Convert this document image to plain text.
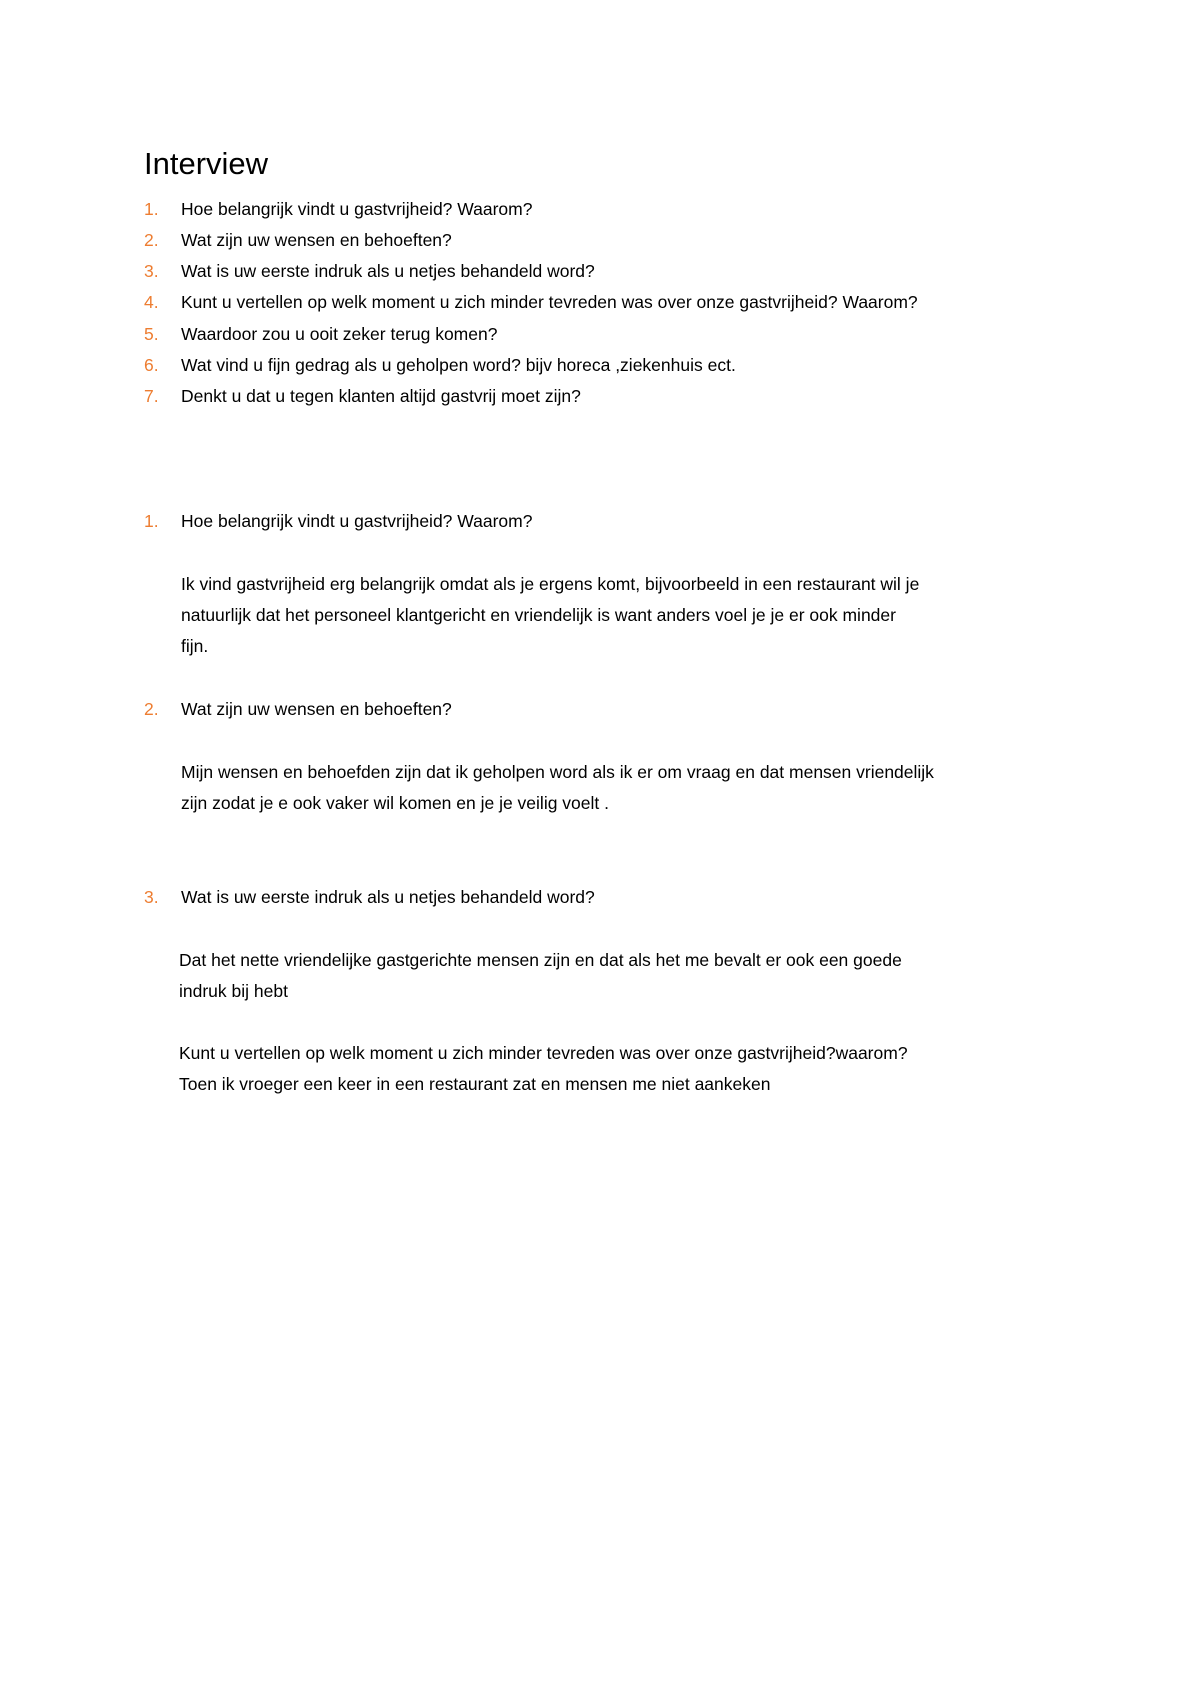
Interview
1. Hoe belangrijk vindt u gastvrijheid? Waarom?
2. Wat zijn uw wensen en behoeften?
3. Wat is uw eerste indruk als u netjes behandeld word?
4. Kunt u vertellen op welk moment u zich minder tevreden was over onze gastvrijheid? Waarom?
5. Waardoor zou u ooit zeker terug komen?
6. Wat vind u fijn gedrag als u geholpen word? bijv horeca ,ziekenhuis ect.
7. Denkt u dat u tegen klanten altijd gastvrij moet zijn?
1. Hoe belangrijk vindt u gastvrijheid? Waarom?
Ik vind gastvrijheid erg belangrijk omdat als je ergens komt, bijvoorbeeld in een restaurant wil je
natuurlijk dat het personeel klantgericht en vriendelijk is want anders voel je je er ook minder
fijn.
2. Wat zijn uw wensen en behoeften?
Mijn wensen en behoefden zijn dat ik geholpen word als ik er om vraag en dat mensen vriendelijk
zijn zodat je e ook vaker wil komen en je je veilig voelt .
3. Wat is uw eerste indruk als u netjes behandeld word?
Dat het nette vriendelijke gastgerichte mensen zijn en dat als het me bevalt er ook een goede
indruk bij hebt
Kunt u vertellen op welk moment u zich minder tevreden was over onze gastvrijheid?waarom?
Toen ik vroeger een keer in een restaurant zat en mensen me niet aankeken
